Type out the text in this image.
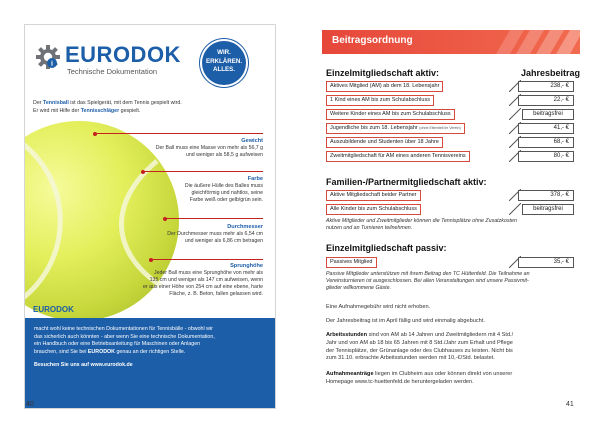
i EURODOK
Technische Dokumentation
WIR.
ERKLÄREN.
ALLES.
Der Tennisball ist das Spielgerät, mit dem Tennis gespielt wird.
Er wird mit Hilfe der Tennisschläger gespielt.
Gewicht
Der Ball muss eine Masse von mehr als 56,7 g
und weniger als 58,5 g aufweisen
Farbe
Die äußere Hülle des Balles muss
gleichförmig und nahtlos, seine
Farbe weiß oder gelb/grün sein.
Durchmesser
Der Durchmesser muss mehr als 6,54 cm
und weniger als 6,86 cm betragen
Sprunghöhe
Jeder Ball muss eine Sprunghöhe von mehr als
135 cm und weniger als 147 cm aufweisen, wenn
er aus einer Höhe von 254 cm auf eine ebene, harte
Fläche, z. B. Beton, fallen gelassen wird.
EURODOK

macht wohl keine technischen Dokumentationen für Tennisbälle - obwohl wir
das sicherlich auch könnten - aber wenn Sie eine technische Dokumentation,
ein Handbuch oder eine Betriebsanleitung für Maschinen oder Anlagen
brauchen, sind Sie bei EURODOK genau an der richtigen Stelle.

Besuchen Sie uns auf www.eurodok.de

40
Beitragsordnung
Einzelmitgliedschaft aktiv:	Jahresbeitrag
Aktives Mitglied (AM) ab dem 18. Lebensjahr	238,- €
1 Kind eines AM bis zum Schulabschluss	22,- €
Weitere Kinder eines AM bis zum Schulabschluss	beitragsfrei
Jugendliche bis zum 18. Lebensjahr (ohne Elternteil im Verein)	41,- €
Auszubildende und Studenten über 18 Jahre	68,- €
Zweitmitgliedschaft für AM eines anderen Tennisvereins	80,- €
Familien-/Partnermitgliedschaft aktiv:
Aktive Mitgliedschaft beider Partner	378,- €
Alle Kinder bis zum Schulabschluss	beitragsfrei
Aktive Mitglieder und Zweitmitglieder können die Tennisplätze ohne Zusatzkosten
nutzen und an Turnieren teilnehmen.
Einzelmitgliedschaft passiv:
Passives Mitglied	35,- €
Passive Mitglieder unterstützen mit ihrem Beitrag den TC Hüttenfeld. Die Teilnahme an
Vereinsturnieren ist ausgeschlossen. Bei allen Veranstaltungen sind unsere Passivmit-
glieder willkommene Gäste.
Eine Aufnahmegebühr wird nicht erhoben.
Der Jahresbeitrag ist im April fällig und wird einmalig abgebucht.
Arbeitsstunden sind von AM ab 14 Jahren und Zweitmitgliedern mit 4 Std./
Jahr und von AM ab 18 bis 65 Jahren mit 8 Std./Jahr zum Erhalt und Pflege
der Tennisplätze, der Grünanlage oder des Clubhauses zu leisten. Nicht bis
zum 31.10. erbrachte Arbeitsstunden werden mit 10,-€/Std. belastet.
Aufnahmeanträge liegen im Clubheim aus oder können direkt von unserer
Homepage www.tc-huettenfeld.de heruntergeladen werden.
41
